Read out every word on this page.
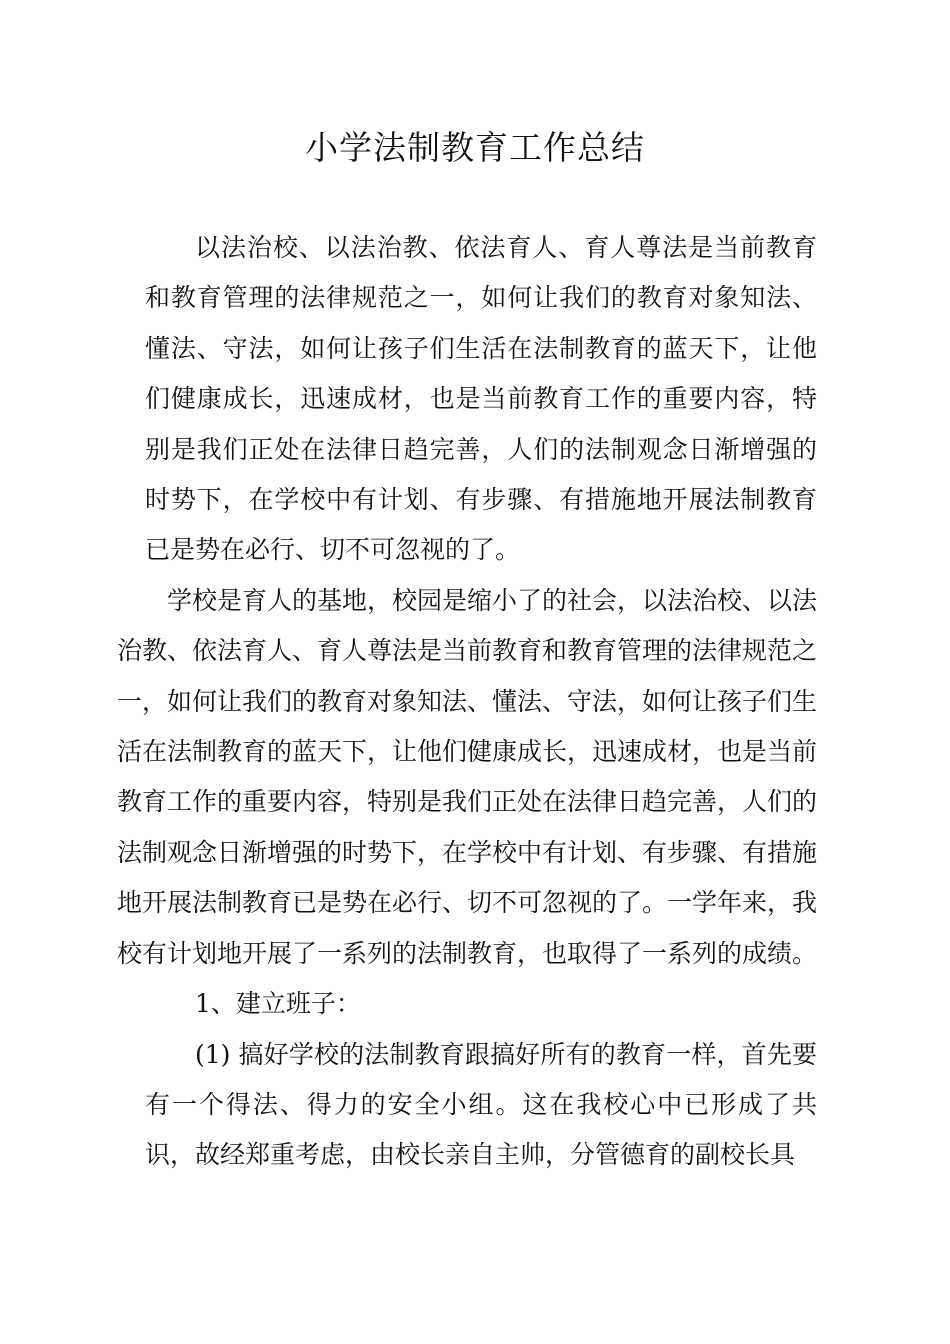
小学法制教育工作总结

以法治校、以法治教、依法育人、育人尊法是当前教育和教育管理的法律规范之一，如何让我们的教育对象知法、懂法、守法，如何让孩子们生活在法制教育的蓝天下，让他们健康成长，迅速成材，也是当前教育工作的重要内容，特别是我们正处在法律日趋完善，人们的法制观念日渐增强的时势下，在学校中有计划、有步骤、有措施地开展法制教育已是势在必行、切不可忽视的了。

学校是育人的基地，校园是缩小了的社会，以法治校、以法治教、依法育人、育人尊法是当前教育和教育管理的法律规范之一，如何让我们的教育对象知法、懂法、守法，如何让孩子们生活在法制教育的蓝天下，让他们健康成长，迅速成材，也是当前教育工作的重要内容，特别是我们正处在法律日趋完善，人们的法制观念日渐增强的时势下，在学校中有计划、有步骤、有措施地开展法制教育已是势在必行、切不可忽视的了。一学年来，我校有计划地开展了一系列的法制教育，也取得了一系列的成绩。

1、建立班子：

(1) 搞好学校的法制教育跟搞好所有的教育一样，首先要有一个得法、得力的安全小组。这在我校心中已形成了共识，故经郑重考虑，由校长亲自主帅，分管德育的副校长具
